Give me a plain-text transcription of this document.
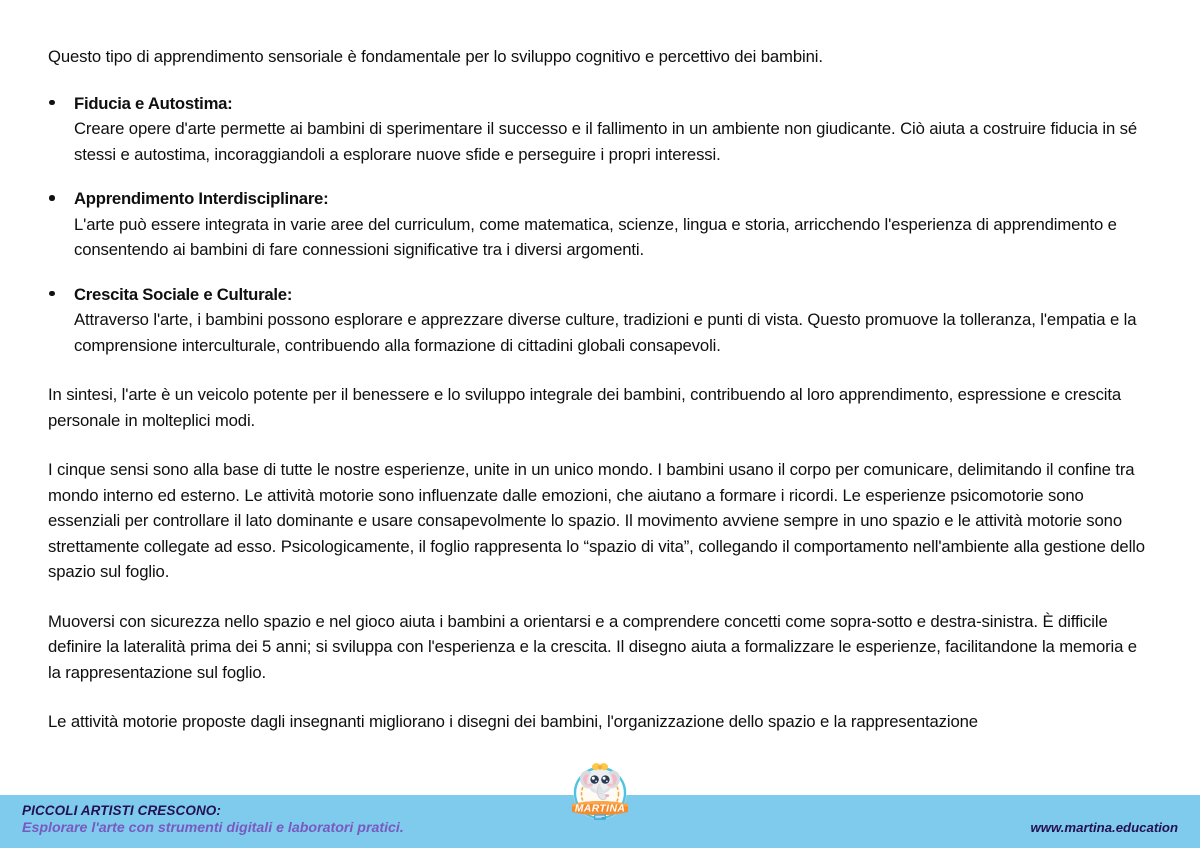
Questo tipo di apprendimento sensoriale è fondamentale per lo sviluppo cognitivo e percettivo dei bambini.

Fiducia e Autostima:
Creare opere d'arte permette ai bambini di sperimentare il successo e il fallimento in un ambiente non giudicante. Ciò aiuta a costruire fiducia in sé stessi e autostima, incoraggiandoli a esplorare nuove sfide e perseguire i propri interessi.
Apprendimento Interdisciplinare:
L'arte può essere integrata in varie aree del curriculum, come matematica, scienze, lingua e storia, arricchendo l'esperienza di apprendimento e consentendo ai bambini di fare connessioni significative tra i diversi argomenti.
Crescita Sociale e Culturale:
Attraverso l'arte, i bambini possono esplorare e apprezzare diverse culture, tradizioni e punti di vista. Questo promuove la tolleranza, l'empatia e la comprensione interculturale, contribuendo alla formazione di cittadini globali consapevoli.

In sintesi, l'arte è un veicolo potente per il benessere e lo sviluppo integrale dei bambini, contribuendo al loro apprendimento, espressione e crescita personale in molteplici modi.

I cinque sensi sono alla base di tutte le nostre esperienze, unite in un unico mondo. I bambini usano il corpo per comunicare, delimitando il confine tra mondo interno ed esterno. Le attività motorie sono influenzate dalle emozioni, che aiutano a formare i ricordi. Le esperienze psicomotorie sono essenziali per controllare il lato dominante e usare consapevolmente lo spazio. Il movimento avviene sempre in uno spazio e le attività motorie sono strettamente collegate ad esso. Psicologicamente, il foglio rappresenta lo “spazio di vita”, collegando il comportamento nell'ambiente alla gestione dello spazio sul foglio.

Muoversi con sicurezza nello spazio e nel gioco aiuta i bambini a orientarsi e a comprendere concetti come sopra-sotto e destra-sinistra. È difficile definire la lateralità prima dei 5 anni; si sviluppa con l'esperienza e la crescita. Il disegno aiuta a formalizzare le esperienze, facilitandone la memoria e la rappresentazione sul foglio.

Le attività motorie proposte dagli insegnanti migliorano i disegni dei bambini, l'organizzazione dello spazio e la rappresentazione

PICCOLI ARTISTI CRESCONO:
Esplorare l'arte con strumenti digitali e laboratori pratici.	www.martina.education
MARTINA
